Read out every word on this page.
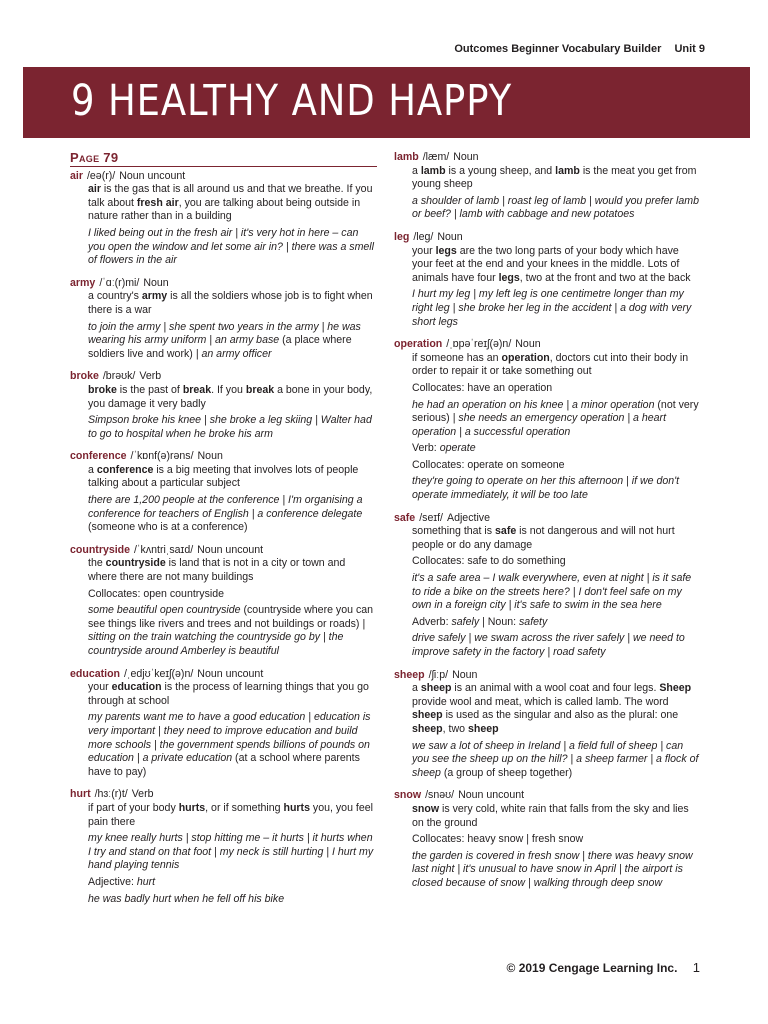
Outcomes Beginner Vocabulary Builder Unit 9
9 HEALTHY AND HAPPY
Page 79
air /eə(r)/ Noun uncount

air is the gas that is all around us and that we breathe. If you talk about fresh air, you are talking about being outside in nature rather than in a building

I liked being out in the fresh air | it's very hot in here – can you open the window and let some air in? | there was a smell of flowers in the air

army /ˈɑː(r)mi/ Noun

a country's army is all the soldiers whose job is to fight when there is a war

to join the army | she spent two years in the army | he was wearing his army uniform | an army base (a place where soldiers live and work) | an army officer

broke /brəʊk/ Verb

broke is the past of break. If you break a bone in your body, you damage it very badly

Simpson broke his knee | she broke a leg skiing | Walter had to go to hospital when he broke his arm

conference /ˈkɒnf(ə)rəns/ Noun

a conference is a big meeting that involves lots of people talking about a particular subject

there are 1,200 people at the conference | I'm organising a conference for teachers of English | a conference delegate (someone who is at a conference)

countryside /ˈkʌntriˌsaɪd/ Noun uncount

the countryside is land that is not in a city or town and where there are not many buildings

Collocates: open countryside

some beautiful open countryside (countryside where you can see things like rivers and trees and not buildings or roads) | sitting on the train watching the countryside go by | the countryside around Amberley is beautiful

education /ˌedjʊˈkeɪʃ(ə)n/ Noun uncount

your education is the process of learning things that you go through at school

my parents want me to have a good education | education is very important | they need to improve education and build more schools | the government spends billions of pounds on education | a private education (at a school where parents have to pay)

hurt /hɜː(r)t/ Verb

if part of your body hurts, or if something hurts you, you feel pain there

my knee really hurts | stop hitting me – it hurts | it hurts when I try and stand on that foot | my neck is still hurting | I hurt my hand playing tennis

Adjective: hurt

he was badly hurt when he fell off his bike

lamb /læm/ Noun

a lamb is a young sheep, and lamb is the meat you get from young sheep

a shoulder of lamb | roast leg of lamb | would you prefer lamb or beef? | lamb with cabbage and new potatoes

leg /leg/ Noun

your legs are the two long parts of your body which have your feet at the end and your knees in the middle. Lots of animals have four legs, two at the front and two at the back

I hurt my leg | my left leg is one centimetre longer than my right leg | she broke her leg in the accident | a dog with very short legs

operation /ˌɒpəˈreɪʃ(ə)n/ Noun

if someone has an operation, doctors cut into their body in order to repair it or take something out

Collocates: have an operation

he had an operation on his knee | a minor operation (not very serious) | she needs an emergency operation | a heart operation | a successful operation

Verb: operate

Collocates: operate on someone

they're going to operate on her this afternoon | if we don't operate immediately, it will be too late

safe /seɪf/ Adjective

something that is safe is not dangerous and will not hurt people or do any damage

Collocates: safe to do something

it's a safe area – I walk everywhere, even at night | is it safe to ride a bike on the streets here? | I don't feel safe on my own in a foreign city | it's safe to swim in the sea here

Adverb: safely | Noun: safety

drive safely | we swam across the river safely | we need to improve safety in the factory | road safety

sheep /ʃiːp/ Noun

a sheep is an animal with a wool coat and four legs. Sheep provide wool and meat, which is called lamb. The word sheep is used as the singular and also as the plural: one sheep, two sheep

we saw a lot of sheep in Ireland | a field full of sheep | can you see the sheep up on the hill? | a sheep farmer | a flock of sheep (a group of sheep together)

snow /snəʊ/ Noun uncount

snow is very cold, white rain that falls from the sky and lies on the ground

Collocates: heavy snow | fresh snow

the garden is covered in fresh snow | there was heavy snow last night | it's unusual to have snow in April | the airport is closed because of snow | walking through deep snow

© 2019 Cengage Learning Inc. 1
